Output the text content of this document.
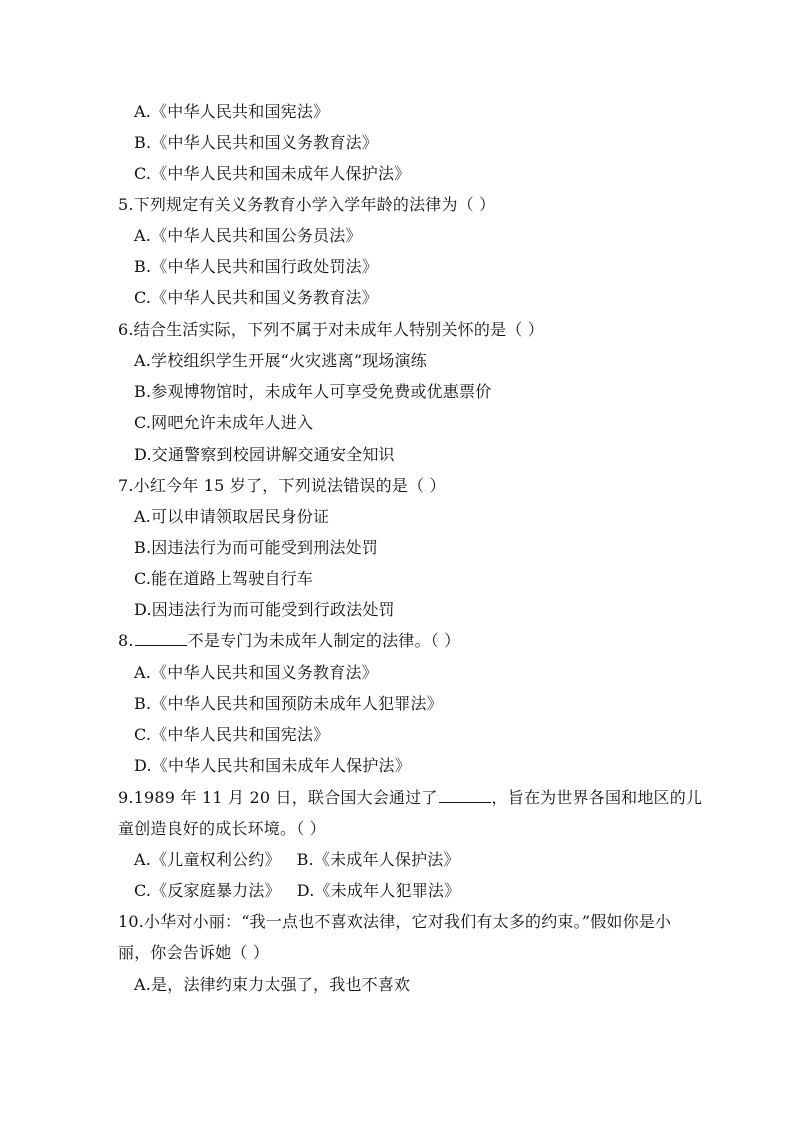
A.《中华人民共和国宪法》
B.《中华人民共和国义务教育法》
C.《中华人民共和国未成年人保护法》
5.下列规定有关义务教育小学入学年龄的法律为（ ）
A.《中华人民共和国公务员法》
B.《中华人民共和国行政处罚法》
C.《中华人民共和国义务教育法》
6.结合生活实际，下列不属于对未成年人特别关怀的是（ ）
A.学校组织学生开展“火灾逃离”现场演练
B.参观博物馆时，未成年人可享受免费或优惠票价
C.网吧允许未成年人进入
D.交通警察到校园讲解交通安全知识
7.小红今年 15 岁了，下列说法错误的是（ ）
A.可以申请领取居民身份证
B.因违法行为而可能受到刑法处罚
C.能在道路上驾驶自行车
D.因违法行为而可能受到行政法处罚
8.	不是专门为未成年人制定的法律。（ ）
A.《中华人民共和国义务教育法》
B.《中华人民共和国预防未成年人犯罪法》
C.《中华人民共和国宪法》
D.《中华人民共和国未成年人保护法》
9.1989 年 11 月 20 日，联合国大会通过了	，旨在为世界各国和地区的儿
童创造良好的成长环境。（ ）
A.《儿童权利公约》 B.《未成年人保护法》
C.《反家庭暴力法》 D.《未成年人犯罪法》
10.小华对小丽：“我一点也不喜欢法律，它对我们有太多的约束。”假如你是小
丽，你会告诉她（ ）
A.是，法律约束力太强了，我也不喜欢
